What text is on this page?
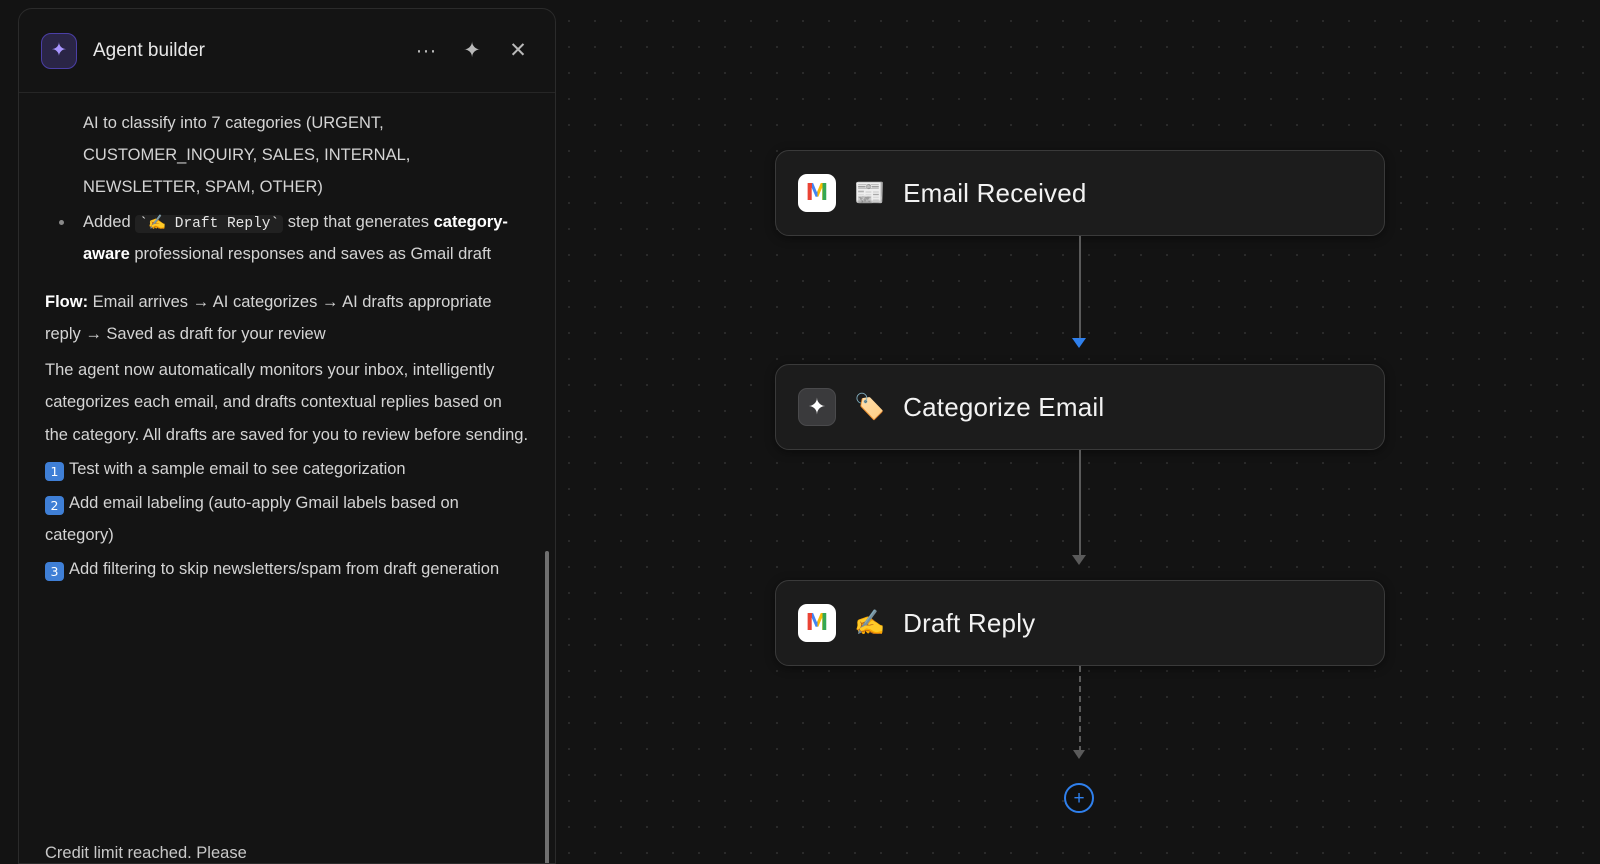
M 📰 Email Received
✦ 🏷️ Categorize Email
M ✍️ Draft Reply
+
✦	Agent builder	··· ✦ ✕
AI to classify into 7 categories (URGENT, CUSTOMER_INQUIRY, SALES, INTERNAL, NEWSLETTER, SPAM, OTHER)
Added `✍️ Draft Reply` step that generates category-aware professional responses and saves as Gmail draft

Flow: Email arrives → AI categorizes → AI drafts appropriate reply → Saved as draft for your review

The agent now automatically monitors your inbox, intelligently categorizes each email, and drafts contextual replies based on the category. All drafts are saved for you to review before sending.

1 Test with a sample email to see categorization

2 Add email labeling (auto-apply Gmail labels based on category)

3 Add filtering to skip newsletters/spam from draft generation

Credit limit reached. Please
